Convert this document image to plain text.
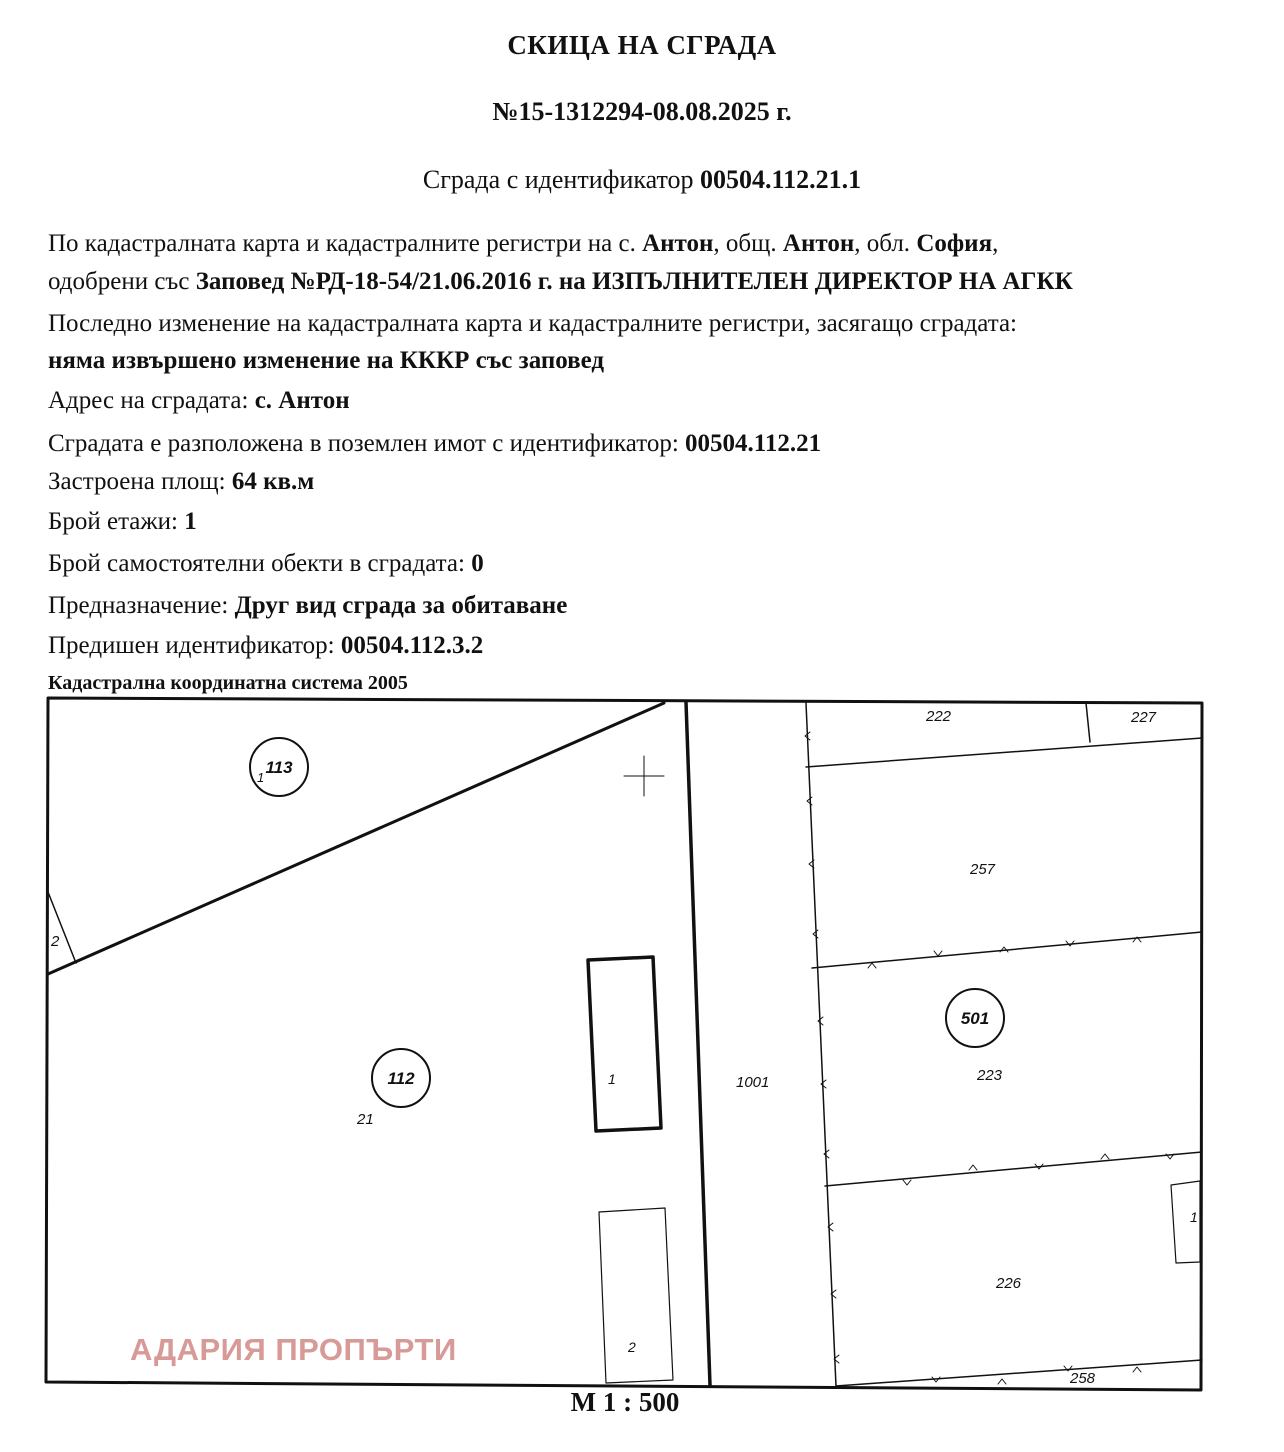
СКИЦА НА СГРАДА
№15-1312294-08.08.2025 г.
Сграда с идентификатор 00504.112.21.1
По кадастралната карта и кадастралните регистри на с. Антон, общ. Антон, обл. София,
одобрени със Заповед №РД-18-54/21.06.2016 г. на ИЗПЪЛНИТЕЛЕН ДИРЕКТОР НА АГКК
Последно изменение на кадастралната карта и кадастралните регистри, засягащо сградата:
няма извършено изменение на КККР със заповед
Адрес на сградата: с. Антон
Сградата е разположена в поземлен имот с идентификатор: 00504.112.21
Застроена площ: 64 кв.м
Брой етажи: 1
Брой самостоятелни обекти в сградата: 0
Предназначение: Друг вид сграда за обитаване
Предишен идентификатор: 00504.112.3.2
Кадастрална координатна система 2005
113
112
501
1
2
21
1
2
1001
222	227
257
223
226
258
1
АДАРИЯ ПРОПЪРТИ
М 1 : 500
